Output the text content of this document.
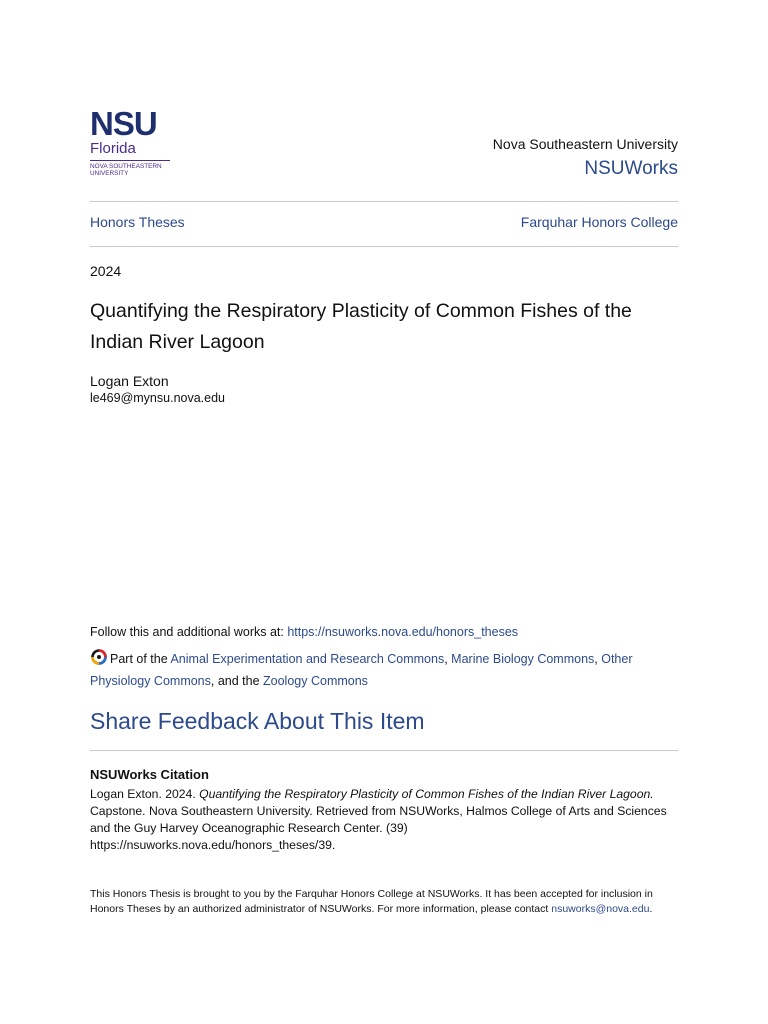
NSU
Florida
NOVA SOUTHEASTERN
UNIVERSITY
Nova Southeastern University
NSUWorks
Honors Theses	Farquhar Honors College
2024
Quantifying the Respiratory Plasticity of Common Fishes of the Indian River Lagoon
Logan Exton
le469@mynsu.nova.edu
Follow this and additional works at: https://nsuworks.nova.edu/honors_theses
Part of the Animal Experimentation and Research Commons, Marine Biology Commons, Other Physiology Commons, and the Zoology Commons
Share Feedback About This Item
NSUWorks Citation
Logan Exton. 2024. Quantifying the Respiratory Plasticity of Common Fishes of the Indian River Lagoon. Capstone. Nova Southeastern University. Retrieved from NSUWorks, Halmos College of Arts and Sciences and the Guy Harvey Oceanographic Research Center. (39)
https://nsuworks.nova.edu/honors_theses/39.
This Honors Thesis is brought to you by the Farquhar Honors College at NSUWorks. It has been accepted for inclusion in Honors Theses by an authorized administrator of NSUWorks. For more information, please contact nsuworks@nova.edu.
